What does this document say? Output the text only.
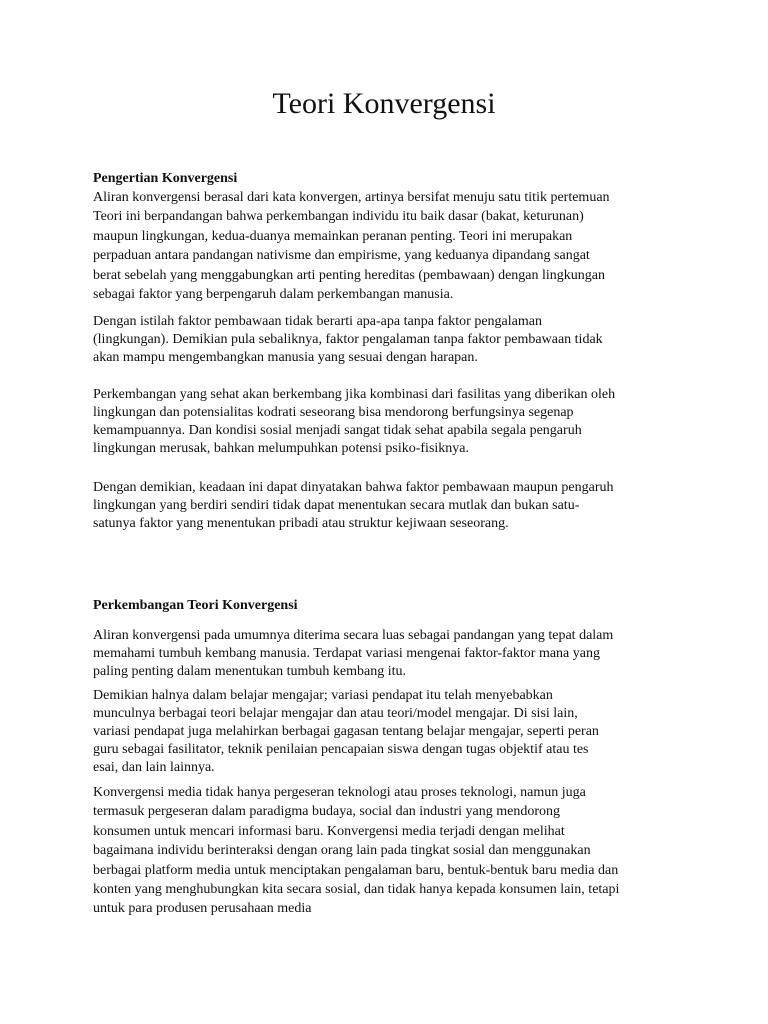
Teori Konvergensi
Pengertian Konvergensi
Aliran konvergensi berasal dari kata konvergen, artinya bersifat menuju satu titik pertemuan
Teori ini berpandangan bahwa perkembangan individu itu baik dasar (bakat, keturunan)
maupun lingkungan, kedua-duanya memainkan peranan penting. Teori ini merupakan
perpaduan antara pandangan nativisme dan empirisme, yang keduanya dipandang sangat
berat sebelah yang menggabungkan arti penting hereditas (pembawaan) dengan lingkungan
sebagai faktor yang berpengaruh dalam perkembangan manusia.
Dengan istilah faktor pembawaan tidak berarti apa-apa tanpa faktor pengalaman
(lingkungan). Demikian pula sebaliknya, faktor pengalaman tanpa faktor pembawaan tidak
akan mampu mengembangkan manusia yang sesuai dengan harapan.
Perkembangan yang sehat akan berkembang jika kombinasi dari fasilitas yang diberikan oleh
lingkungan dan potensialitas kodrati seseorang bisa mendorong berfungsinya segenap
kemampuannya. Dan kondisi sosial menjadi sangat tidak sehat apabila segala pengaruh
lingkungan merusak, bahkan melumpuhkan potensi psiko-fisiknya.
Dengan demikian, keadaan ini dapat dinyatakan bahwa faktor pembawaan maupun pengaruh
lingkungan yang berdiri sendiri tidak dapat menentukan secara mutlak dan bukan satu-
satunya faktor yang menentukan pribadi atau struktur kejiwaan seseorang.
Perkembangan Teori Konvergensi
Aliran konvergensi pada umumnya diterima secara luas sebagai pandangan yang tepat dalam
memahami tumbuh kembang manusia. Terdapat variasi mengenai faktor-faktor mana yang
paling penting dalam menentukan tumbuh kembang itu.
Demikian halnya dalam belajar mengajar; variasi pendapat itu telah menyebabkan
munculnya berbagai teori belajar mengajar dan atau teori/model mengajar. Di sisi lain,
variasi pendapat juga melahirkan berbagai gagasan tentang belajar mengajar, seperti peran
guru sebagai fasilitator, teknik penilaian pencapaian siswa dengan tugas objektif atau tes
esai, dan lain lainnya.
Konvergensi media tidak hanya pergeseran teknologi atau proses teknologi, namun juga
termasuk pergeseran dalam paradigma budaya, social dan industri yang mendorong
konsumen untuk mencari informasi baru. Konvergensi media terjadi dengan melihat
bagaimana individu berinteraksi dengan orang lain pada tingkat sosial dan menggunakan
berbagai platform media untuk menciptakan pengalaman baru, bentuk-bentuk baru media dan
konten yang menghubungkan kita secara sosial, dan tidak hanya kepada konsumen lain, tetapi
untuk para produsen perusahaan media
